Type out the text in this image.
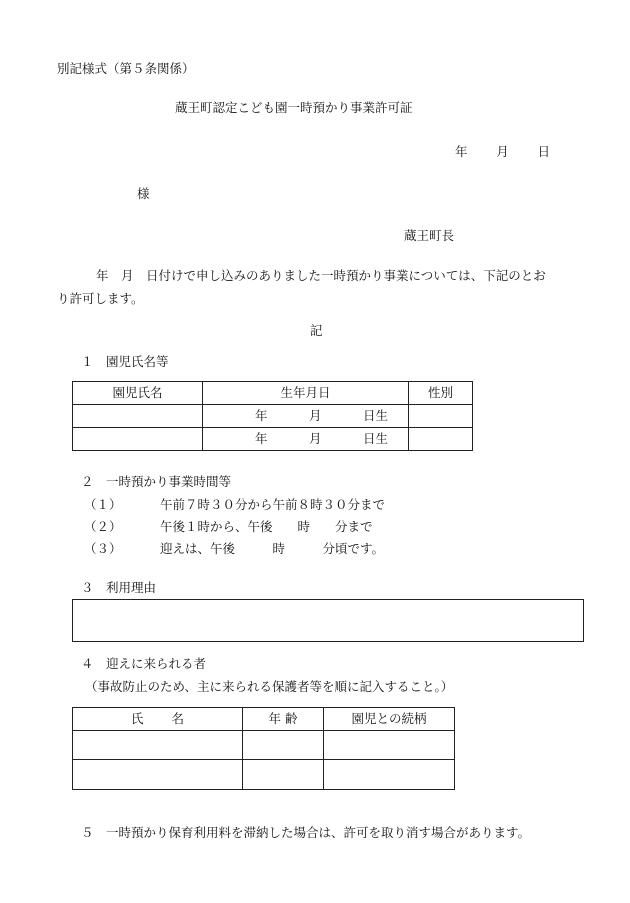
別記様式（第５条関係）
蔵王町認定こども園一時預かり事業許可証
年 月 日
様
蔵王町長
年　月　日付けで申し込みのありました一時預かり事業については、下記のとお
り許可します。
記
１　園児氏名等
園児氏名	生年月日	性別

	年 月 日生	

	年 月 日生	

２　一時預かり事業時間等
（１）	午前７時３０分から午前８時３０分まで
（２）	午後１時から、午後　　時　　分まで
（３）	迎えは、午後　　　時　　　分頃です。
３　利用理由
４　迎えに来られる者
（事故防止のため、主に来られる保護者等を順に記入すること。）
氏名	年 齢	園児との続柄

５　一時預かり保育利用料を滞納した場合は、許可を取り消す場合があります。
